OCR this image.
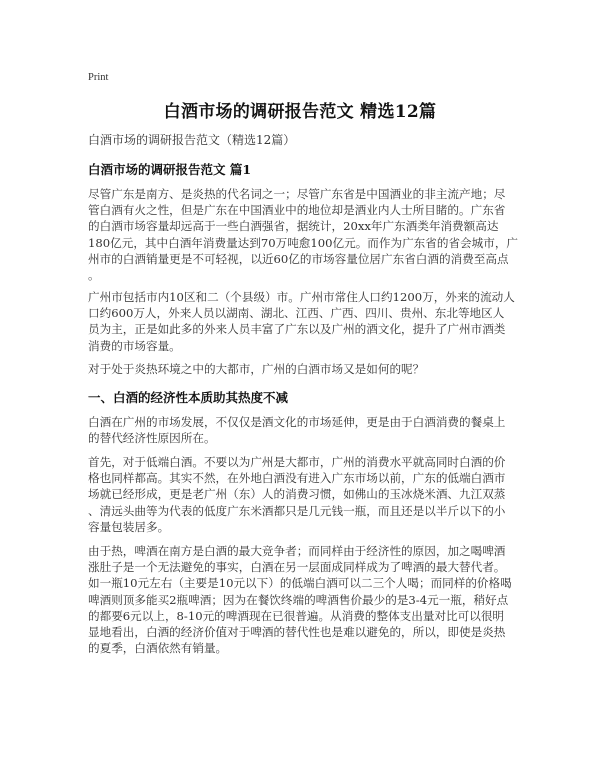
Print
白酒市场的调研报告范文 精选12篇
白酒市场的调研报告范文（精选12篇）
白酒市场的调研报告范文 篇1
尽管广东是南方、是炎热的代名词之一；尽管广东省是中国酒业的非主流产地；尽
管白酒有火之性，但是广东在中国酒业中的地位却是酒业内人士所目睹的。广东省
的白酒市场容量却远高于一些白酒强省，据统计，20xx年广东酒类年消费额高达
180亿元，其中白酒年消费量达到70万吨愈100亿元。而作为广东省的省会城市，广
州市的白酒销量更是不可轻视，以近60亿的市场容量位居广东省白酒的消费至高点
。
广州市包括市内10区和二（个县级）市。广州市常住人口约1200万，外来的流动人
口约600万人，外来人员以湖南、湖北、江西、广西、四川、贵州、东北等地区人
员为主，正是如此多的外来人员丰富了广东以及广州的酒文化，提升了广州市酒类
消费的市场容量。
对于处于炎热环境之中的大都市，广州的白酒市场又是如何的呢？
一、白酒的经济性本质助其热度不减
白酒在广州的市场发展，不仅仅是酒文化的市场延伸，更是由于白酒消费的餐桌上
的替代经济性原因所在。
首先，对于低端白酒。不要以为广州是大都市，广州的消费水平就高同时白酒的价
格也同样都高。其实不然，在外地白酒没有进入广东市场以前，广东的低端白酒市
场就已经形成，更是老广州（东）人的消费习惯，如佛山的玉冰烧米酒、九江双蒸
、清远头曲等为代表的低度广东米酒都只是几元钱一瓶，而且还是以半斤以下的小
容量包装居多。
由于热，啤酒在南方是白酒的最大竞争者；而同样由于经济性的原因，加之喝啤酒
涨肚子是一个无法避免的事实，白酒在另一层面成同样成为了啤酒的最大替代者。
如一瓶10元左右（主要是10元以下）的低端白酒可以二三个人喝；而同样的价格喝
啤酒则顶多能买2瓶啤酒；因为在餐饮终端的啤酒售价最少的是3-4元一瓶，稍好点
的都要6元以上，8-10元的啤酒现在已很普遍。从消费的整体支出量对比可以很明
显地看出，白酒的经济价值对于啤酒的替代性也是难以避免的，所以，即使是炎热
的夏季，白酒依然有销量。
